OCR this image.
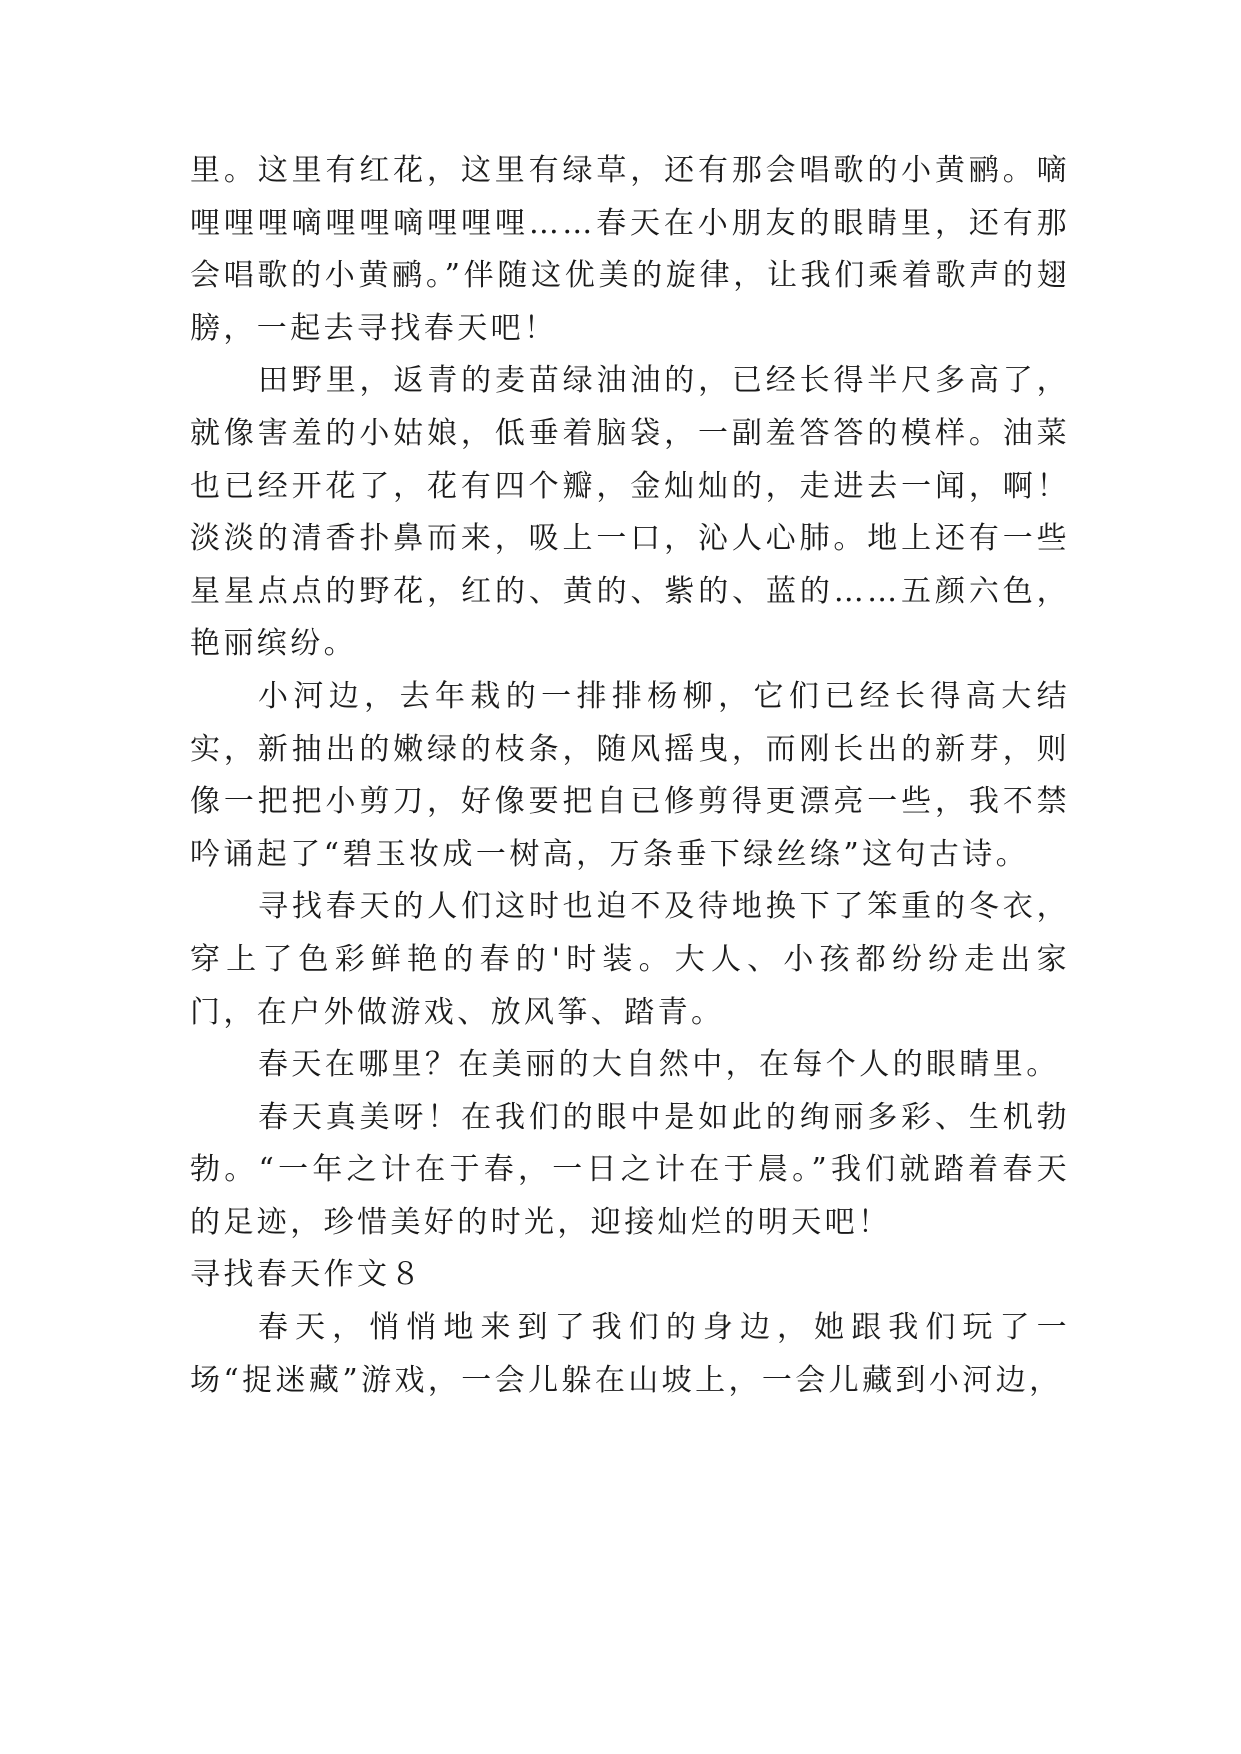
里。这里有红花，这里有绿草，还有那会唱歌的小黄鹂。嘀哩哩哩嘀哩哩嘀哩哩哩……春天在小朋友的眼睛里，还有那会唱歌的小黄鹂。”伴随这优美的旋律，让我们乘着歌声的翅膀，一起去寻找春天吧！

田野里，返青的麦苗绿油油的，已经长得半尺多高了，就像害羞的小姑娘，低垂着脑袋，一副羞答答的模样。油菜也已经开花了，花有四个瓣，金灿灿的，走进去一闻，啊！淡淡的清香扑鼻而来，吸上一口，沁人心肺。地上还有一些星星点点的野花，红的、黄的、紫的、蓝的……五颜六色，艳丽缤纷。

小河边，去年栽的一排排杨柳，它们已经长得高大结实，新抽出的嫩绿的枝条，随风摇曳，而刚长出的新芽，则像一把把小剪刀，好像要把自已修剪得更漂亮一些，我不禁吟诵起了“碧玉妆成一树高，万条垂下绿丝绦”这句古诗。

寻找春天的人们这时也迫不及待地换下了笨重的冬衣，穿上了色彩鲜艳的春的'时装。大人、小孩都纷纷走出家门，在户外做游戏、放风筝、踏青。

春天在哪里？在美丽的大自然中，在每个人的眼睛里。

春天真美呀！在我们的眼中是如此的绚丽多彩、生机勃勃。“一年之计在于春，一日之计在于晨。”我们就踏着春天的足迹，珍惜美好的时光，迎接灿烂的明天吧！

寻找春天作文８

春天，悄悄地来到了我们的身边，她跟我们玩了一场“捉迷藏”游戏，一会儿躲在山坡上，一会儿藏到小河边，
